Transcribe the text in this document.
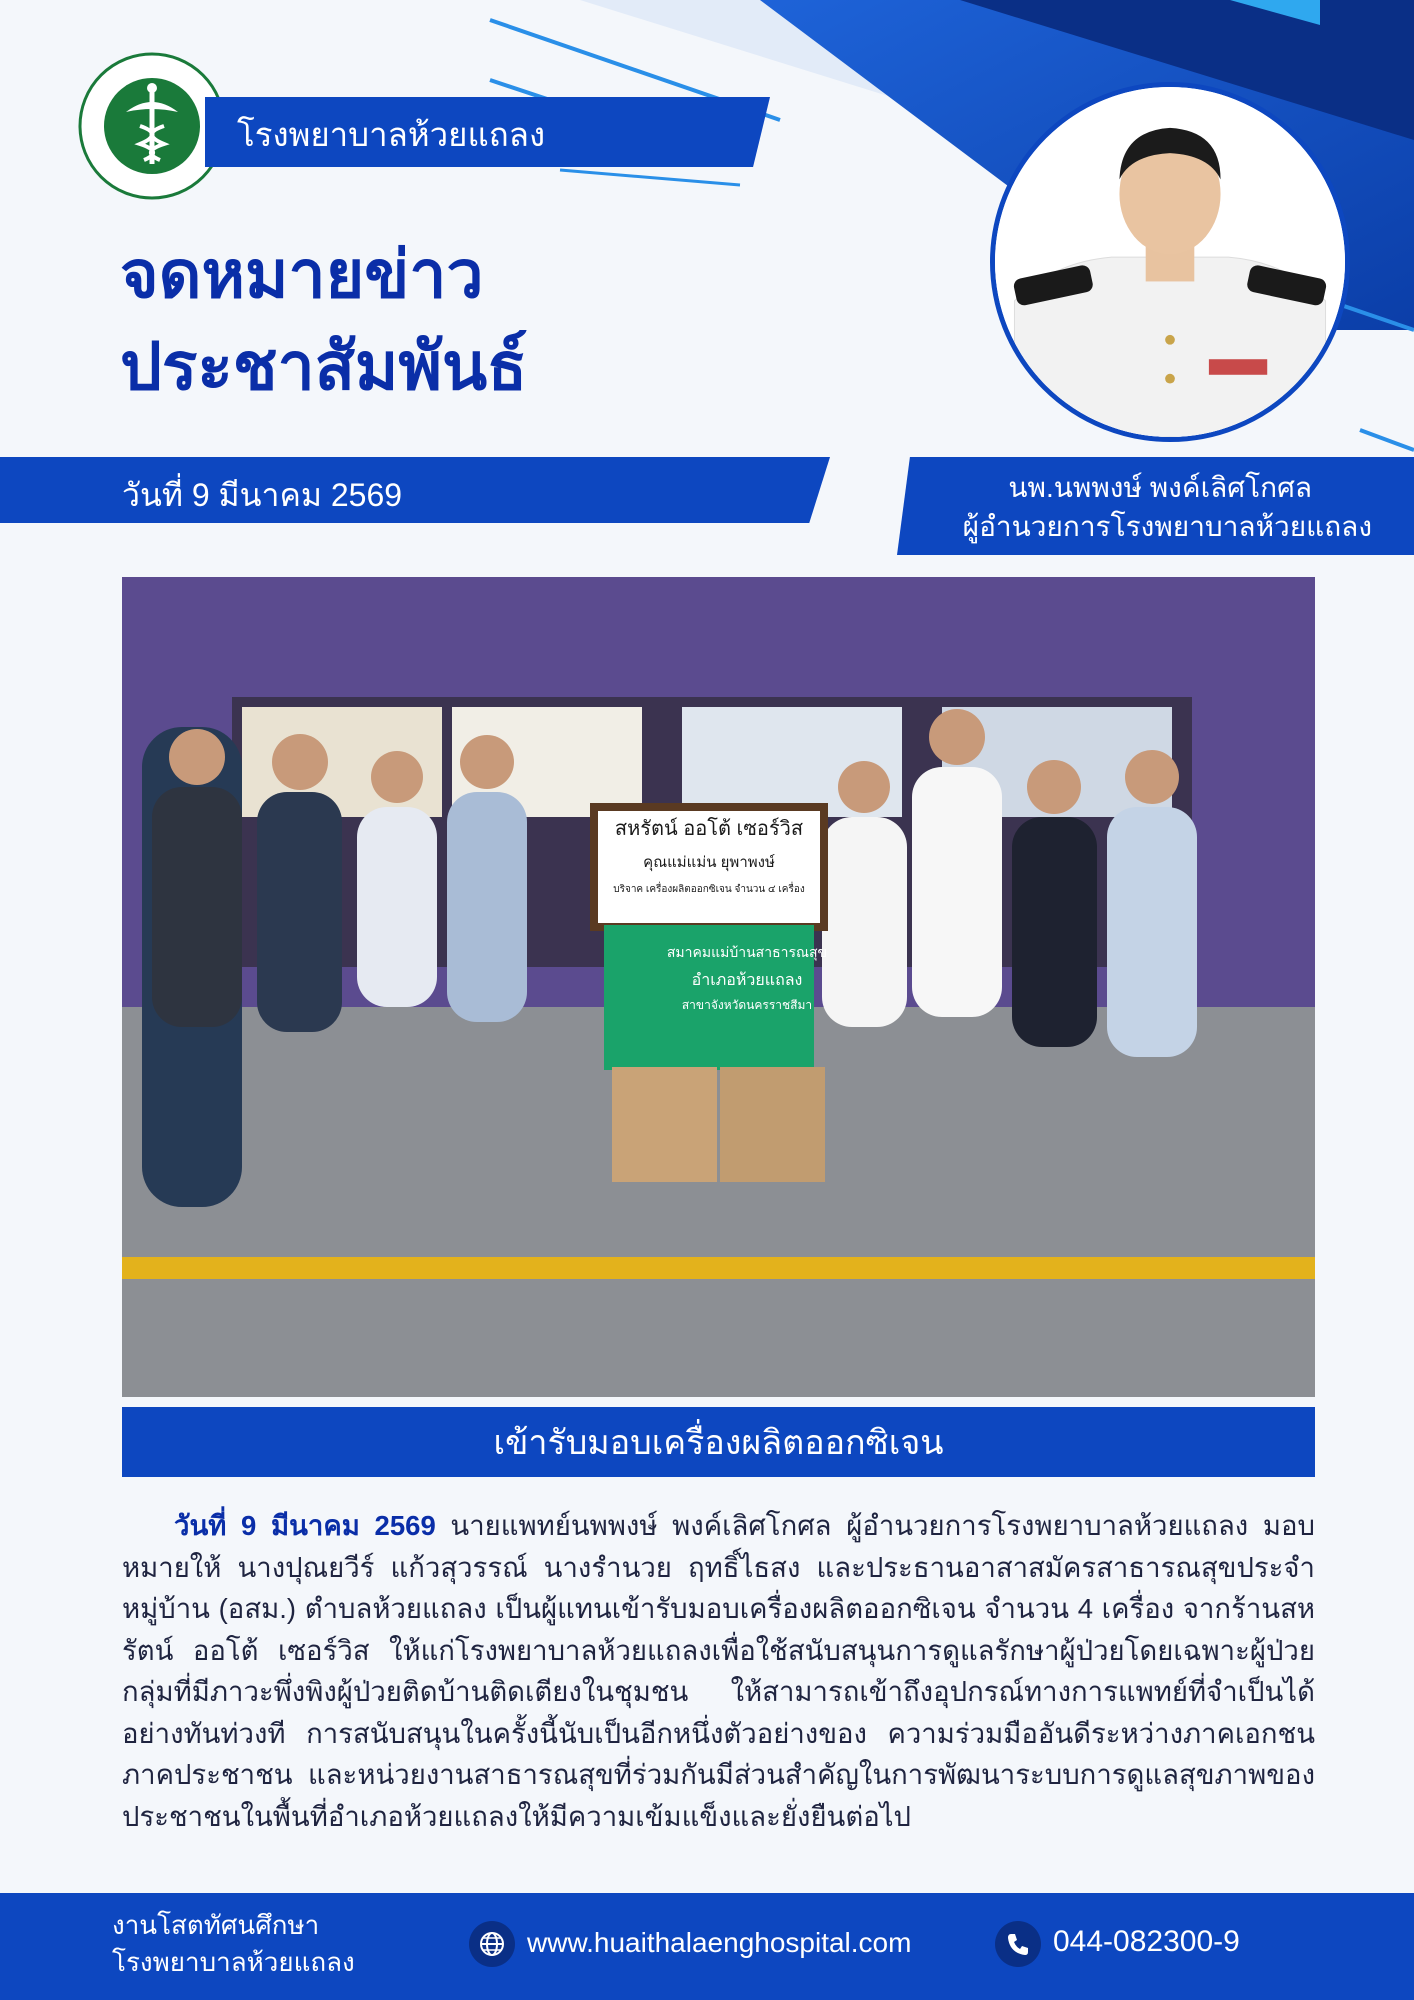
โรงพยาบาลห้วยแถลง
จดหมายข่าว
ประชาสัมพันธ์
วันที่ 9 มีนาคม 2569	นพ.นพพงษ์ พงค์เลิศโกศล
ผู้อำนวยการโรงพยาบาลห้วยแถลง
สหรัตน์ ออโต้ เซอร์วิส
คุณแม่แม่น ยุพาพงษ์
บริจาค เครื่องผลิตออกซิเจน จำนวน ๔ เครื่อง
สมาคมแม่บ้านสาธารณสุข
อำเภอห้วยแถลง
สาขาจังหวัดนครราชสีมา
เข้ารับมอบเครื่องผลิตออกซิเจน
วันที่ 9 มีนาคม 2569 นายแพทย์นพพงษ์ พงค์เลิศโกศล ผู้อำนวยการโรงพยาบาลห้วยแถลง มอบหมายให้ นางปุณยวีร์ แก้วสุวรรณ์ นางรำนวย ฤทธิ์ไธสง และประธานอาสาสมัครสาธารณสุขประจำหมู่บ้าน (อสม.) ตำบลห้วยแถลง เป็นผู้แทนเข้ารับมอบเครื่องผลิตออกซิเจน จำนวน 4 เครื่อง จากร้านสหรัตน์ ออโต้ เซอร์วิส ให้แก่โรงพยาบาลห้วยแถลงเพื่อใช้สนับสนุนการดูแลรักษาผู้ป่วยโดยเฉพาะผู้ป่วยกลุ่มที่มีภาวะพึ่งพิงผู้ป่วยติดบ้านติดเตียงในชุมชน ให้สามารถเข้าถึงอุปกรณ์ทางการแพทย์ที่จำเป็นได้อย่างทันท่วงที การสนับสนุนในครั้งนี้นับเป็นอีกหนึ่งตัวอย่างของ ความร่วมมืออันดีระหว่างภาคเอกชน ภาคประชาชน และหน่วยงานสาธารณสุขที่ร่วมกันมีส่วนสำคัญในการพัฒนาระบบการดูแลสุขภาพของประชาชนในพื้นที่อำเภอห้วยแถลงให้มีความเข้มแข็งและยั่งยืนต่อไป
งานโสตทัศนศึกษา
โรงพยาบาลห้วยแถลง
www.huaithalaenghospital.com	044-082300-9
